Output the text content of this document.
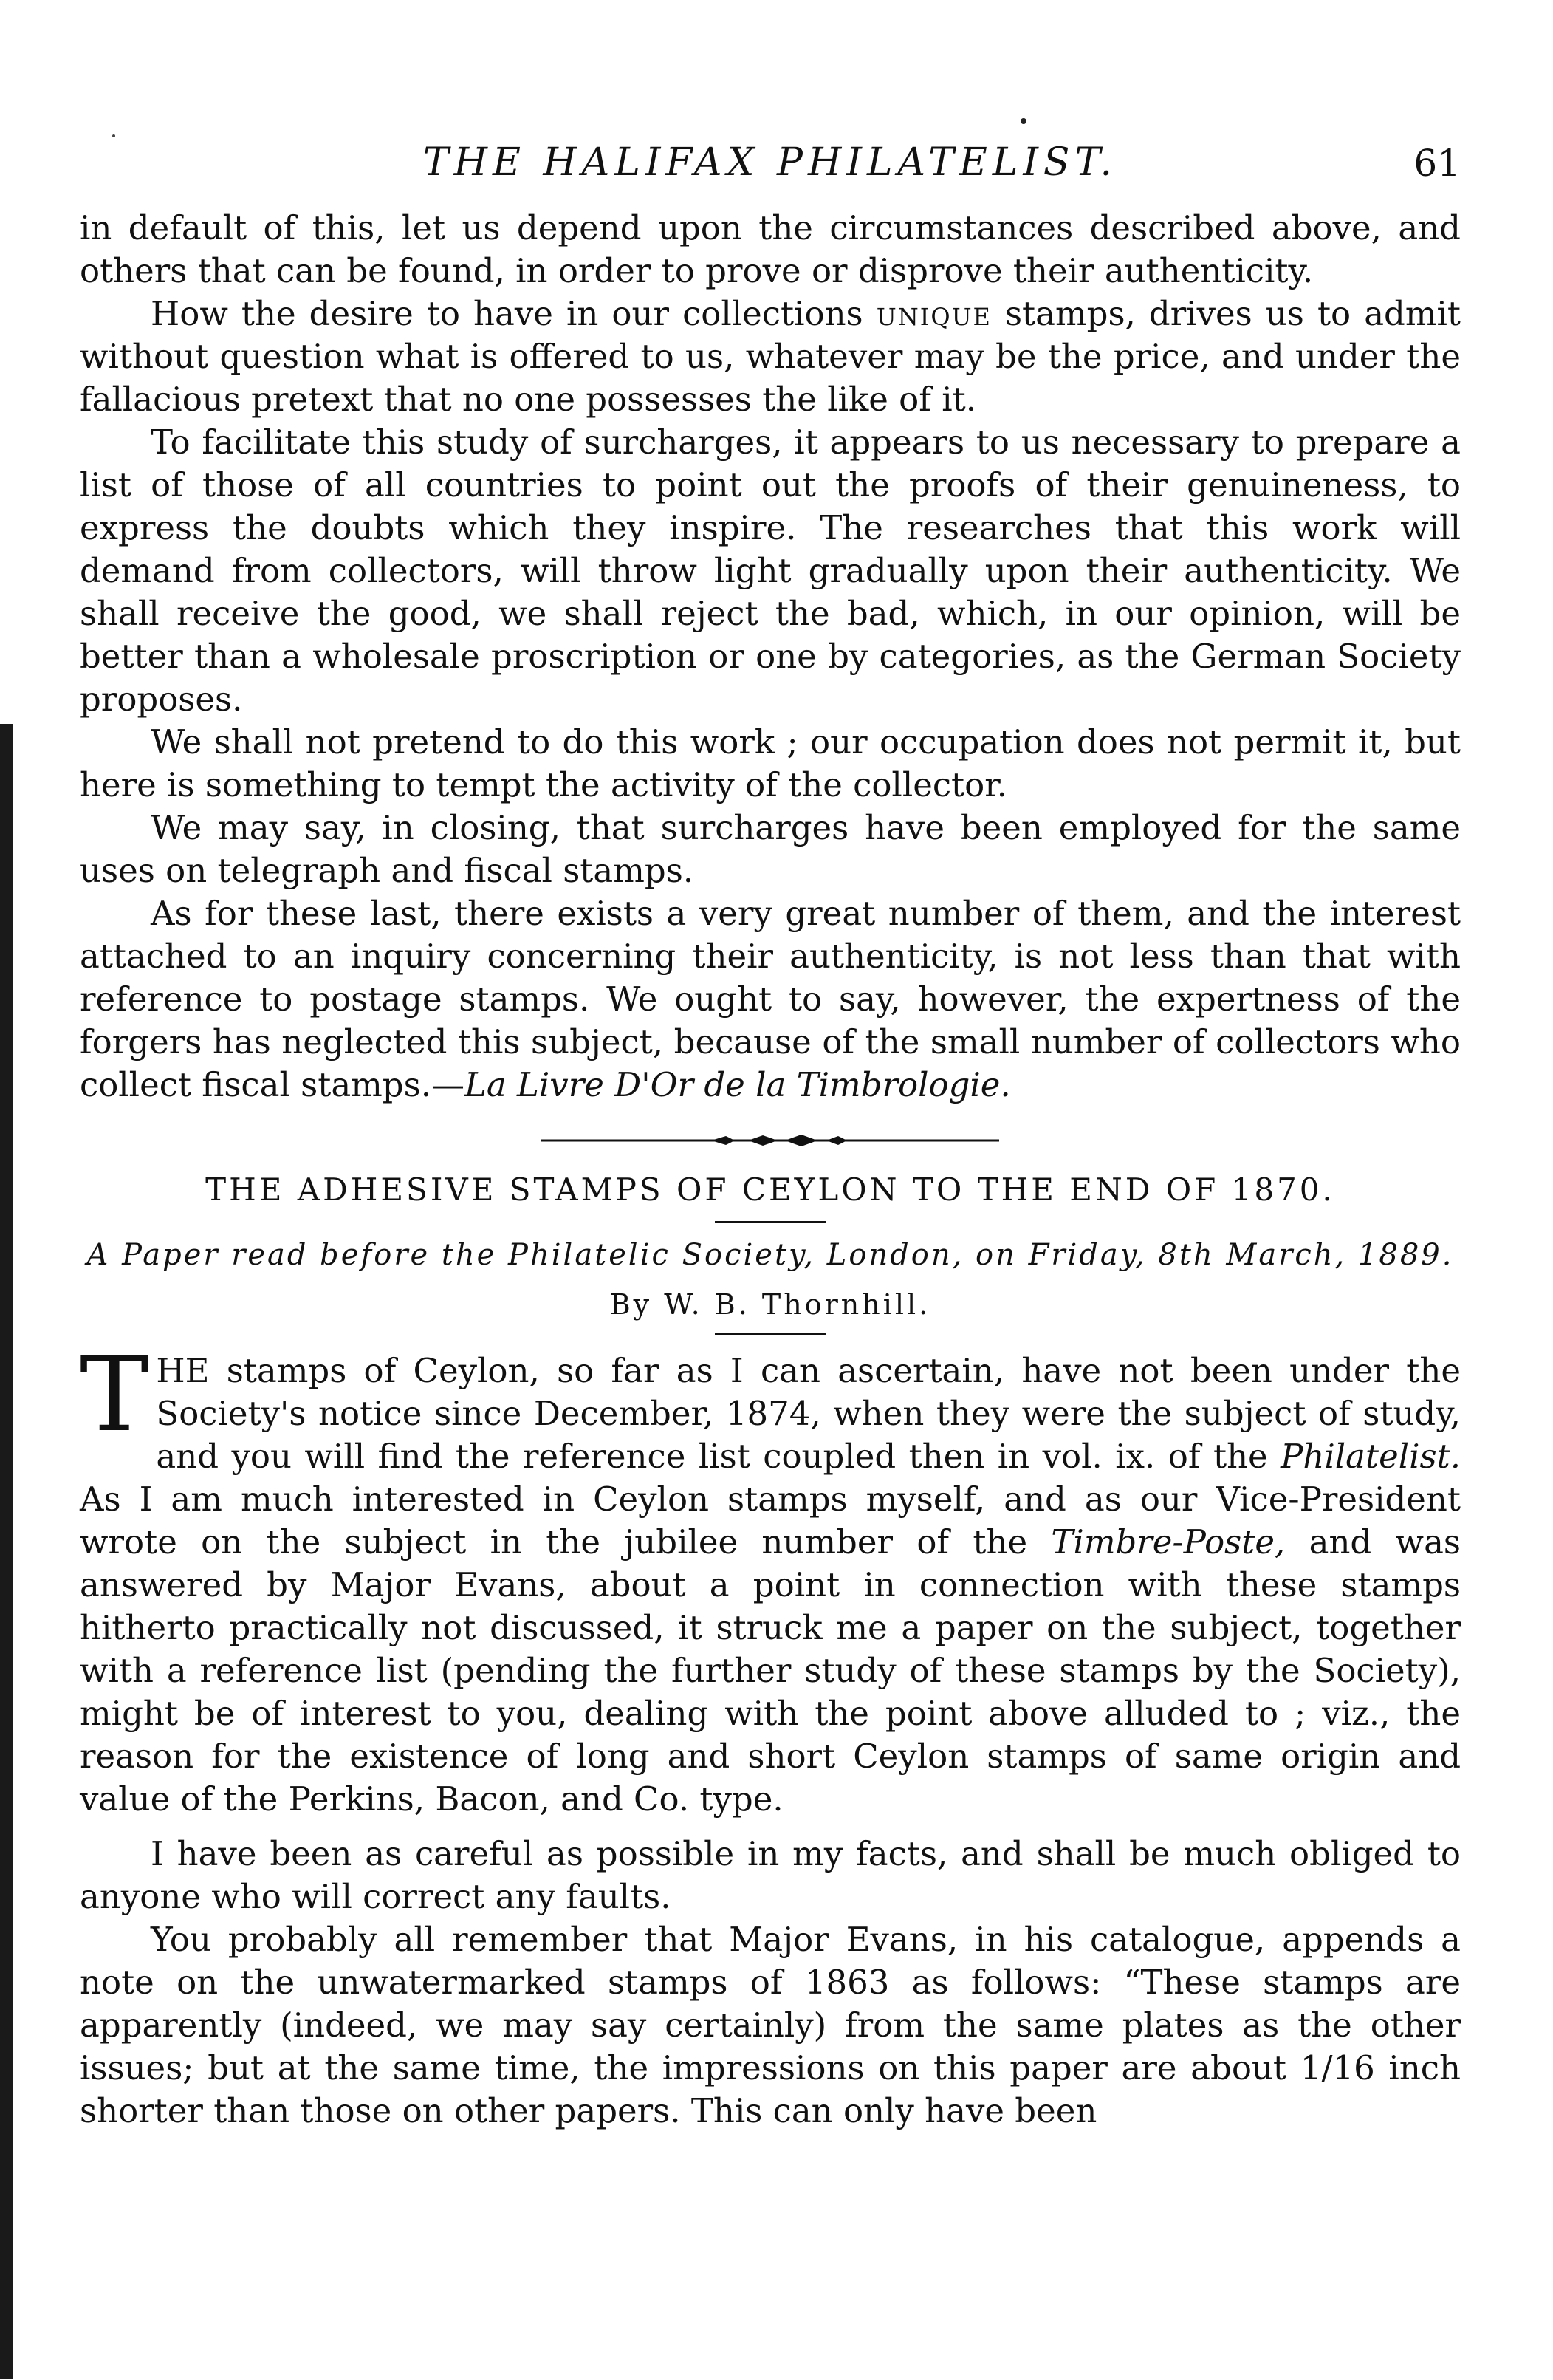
THE HALIFAX PHILATELIST.	61

in default of this, let us depend upon the circumstances described above, and others that can be found, in order to prove or disprove their authenticity.

How the desire to have in our collections unique stamps, drives us to admit without question what is offered to us, whatever may be the price, and under the fallacious pretext that no one possesses the like of it.

To facilitate this study of surcharges, it appears to us necessary to prepare a list of those of all countries to point out the proofs of their genuineness, to express the doubts which they inspire. The researches that this work will demand from collectors, will throw light gradually upon their authenticity. We shall receive the good, we shall reject the bad, which, in our opinion, will be better than a wholesale proscription or one by categories, as the German Society proposes.

We shall not pretend to do this work ; our occupation does not permit it, but here is something to tempt the activity of the collector.

We may say, in closing, that surcharges have been employed for the same uses on telegraph and fiscal stamps.

As for these last, there exists a very great number of them, and the interest attached to an inquiry concerning their authenticity, is not less than that with reference to postage stamps. We ought to say, however, the expertness of the forgers has neglected this subject, because of the small number of collectors who collect fiscal stamps.—La Livre D'Or de la Timbrologie.

THE ADHESIVE STAMPS OF CEYLON TO THE END OF 1870.
A Paper read before the Philatelic Society, London, on Friday, 8th March, 1889.
By W. B. Thornhill.

THE stamps of Ceylon, so far as I can ascertain, have not been under the Society's notice since December, 1874, when they were the subject of study, and you will find the reference list coupled then in vol. ix. of the Philatelist. As I am much interested in Ceylon stamps myself, and as our Vice-President wrote on the subject in the jubilee number of the Timbre-Poste, and was answered by Major Evans, about a point in connection with these stamps hitherto practically not discussed, it struck me a paper on the subject, together with a reference list (pending the further study of these stamps by the Society), might be of interest to you, dealing with the point above alluded to ; viz., the reason for the existence of long and short Ceylon stamps of same origin and value of the Perkins, Bacon, and Co. type.

I have been as careful as possible in my facts, and shall be much obliged to anyone who will correct any faults.

You probably all remember that Major Evans, in his catalogue, appends a note on the unwatermarked stamps of 1863 as follows: “These stamps are apparently (indeed, we may say certainly) from the same plates as the other issues; but at the same time, the impressions on this paper are about 1/16 inch shorter than those on other papers. This can only have been
